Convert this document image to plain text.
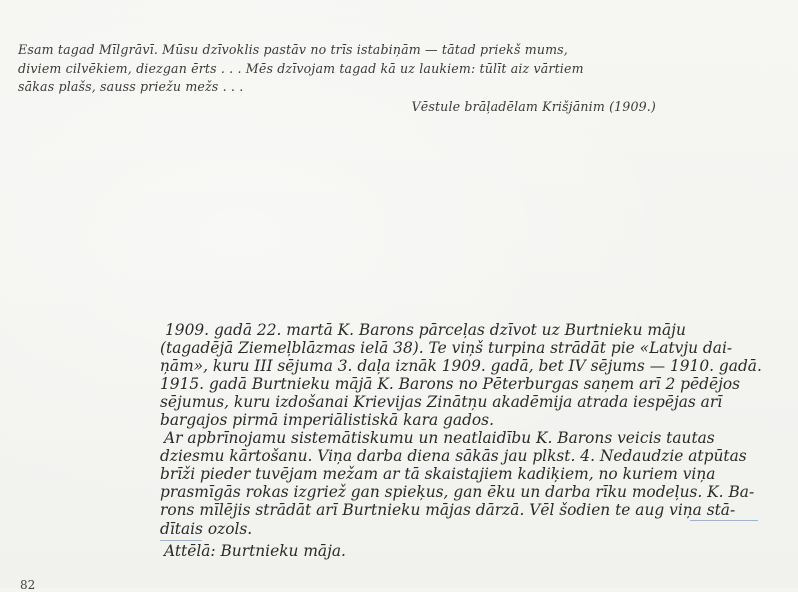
Esam tagad Mīlgrāvī. Mūsu dzīvoklis pastāv no trīs istabiņām — tātad priekš mums,
diviem cilvēkiem, diezgan ērts . . . Mēs dzīvojam tagad kā uz laukiem: tūlīt aiz vārtiem
sākas plašs, sauss priežu mežs . . .
Vēstule brāļadēlam Krišjānim (1909.)
1909. gadā 22. martā K. Barons pārceļas dzīvot uz Burtnieku māju
(tagadējā Ziemeļblāzmas ielā 38). Te viņš turpina strādāt pie «Latvju dai-
ņām», kuru III sējuma 3. daļa iznāk 1909. gadā, bet IV sējums — 1910. gadā.
1915. gadā Burtnieku mājā K. Barons no Pēterburgas saņem arī 2 pēdējos
sējumus, kuru izdošanai Krievijas Zinātņu akadēmija atrada iespējas arī
bargajos pirmā imperiālistiskā kara gados.
Ar apbrīnojamu sistemātiskumu un neatlaidību K. Barons veicis tautas
dziesmu kārtošanu. Viņa darba diena sākās jau plkst. 4. Nedaudzie atpūtas
brīži pieder tuvējam mežam ar tā skaistajiem kadiķiem, no kuriem viņa
prasmīgās rokas izgriež gan spieķus, gan ēku un darba rīku modeļus. K. Ba-
rons mīlējis strādāt arī Burtnieku mājas dārzā. Vēl šodien te aug viņa stā-
dītais ozols.
Attēlā: Burtnieku māja.
82
